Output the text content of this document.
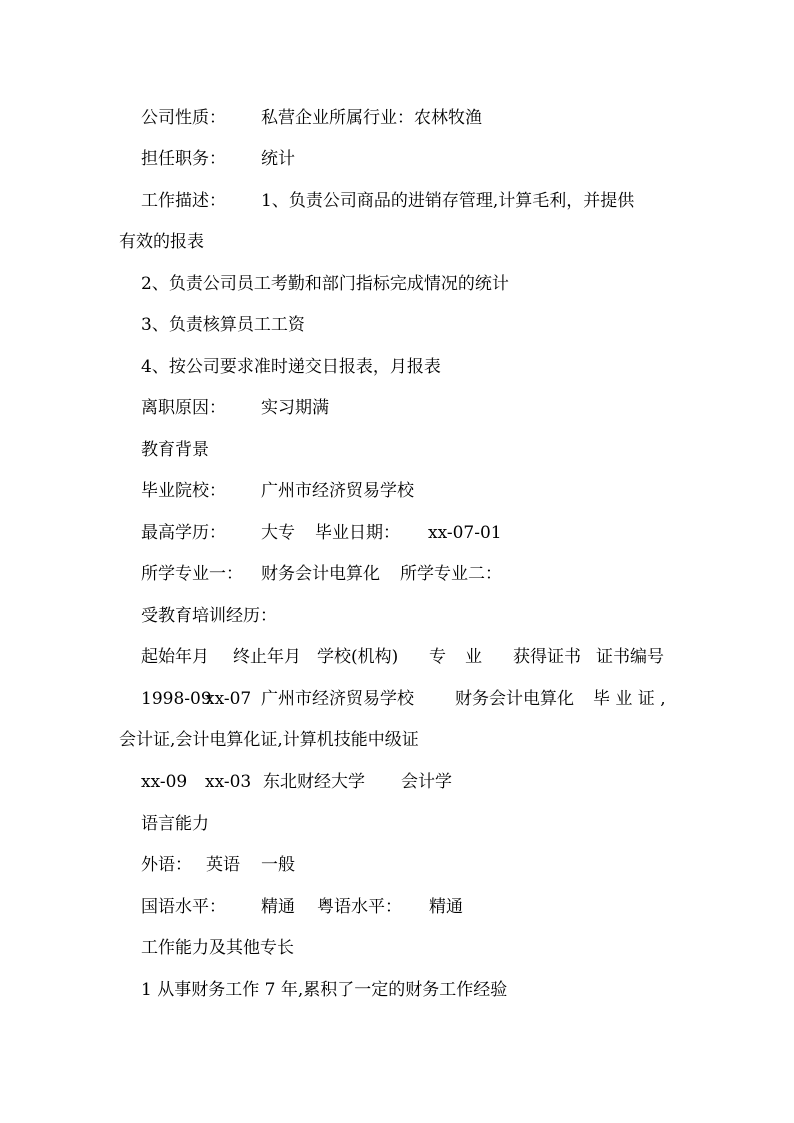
公司性质： 私营企业所属行业：农林牧渔
担任职务： 统计
工作描述： 1、负责公司商品的进销存管理,计算毛利，并提供
有效的报表
2、负责公司员工考勤和部门指标完成情况的统计
3、负责核算员工工资
4、按公司要求准时递交日报表，月报表
离职原因： 实习期满
教育背景
毕业院校： 广州市经济贸易学校
最高学历： 大专 毕业日期： xx-07-01
所学专业一： 财务会计电算化 所学专业二：
受教育培训经历：
起始年月 终止年月 学校(机构) 专 业 获得证书 证书编号
1998-09
xx-07 广州市经济贸易学校 财务会计电算化 毕 业 证 ,
会计证,会计电算化证,计算机技能中级证
xx-09 xx-03 东北财经大学 会计学
语言能力
外语： 英语 一般
国语水平： 精通 粤语水平： 精通
工作能力及其他专长
1 从事财务工作 7 年,累积了一定的财务工作经验
